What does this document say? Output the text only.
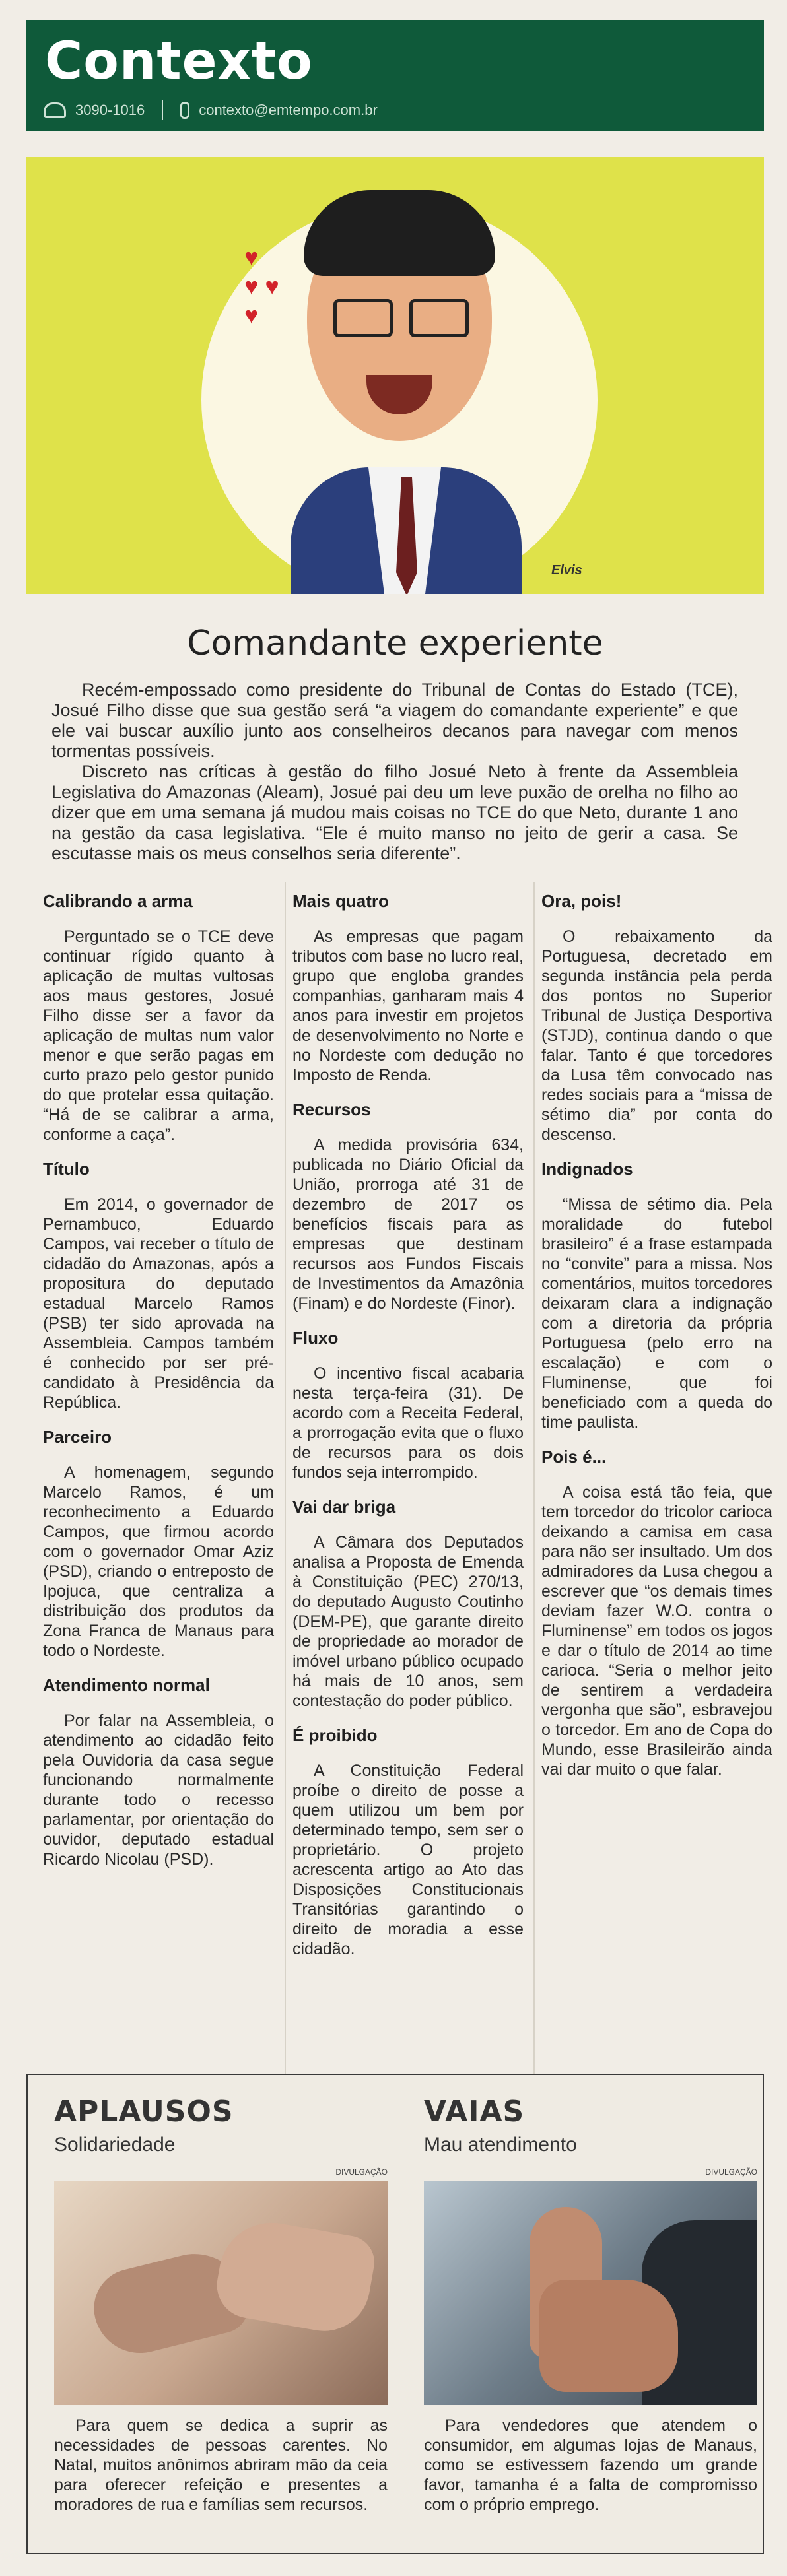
Contexto
3090-1016	contexto@emtempo.com.br
♥
♥ ♥
♥
Elvis
Comandante experiente

Recém-empossado como presidente do Tribunal de Contas do Estado (TCE), Josué Filho disse que sua gestão será “a viagem do comandante experiente” e que ele vai buscar auxílio junto aos conselheiros decanos para navegar com menos tormentas possíveis.

Discreto nas críticas à gestão do filho Josué Neto à frente da Assembleia Legislativa do Amazonas (Aleam), Josué pai deu um leve puxão de orelha no filho ao dizer que em uma semana já mudou mais coisas no TCE do que Neto, durante 1 ano na gestão da casa legislativa. “Ele é muito manso no jeito de gerir a casa. Se escutasse mais os meus conselhos seria diferente”.

Calibrando a arma

Perguntado se o TCE deve continuar rígido quanto à aplicação de multas vultosas aos maus gestores, Josué Filho disse ser a favor da aplicação de multas num valor menor e que serão pagas em curto prazo pelo gestor punido do que protelar essa quitação. “Há de se calibrar a arma, conforme a caça”.

Título

Em 2014, o governador de Pernambuco, Eduardo Campos, vai receber o título de cidadão do Amazonas, após a propositura do deputado estadual Marcelo Ramos (PSB) ter sido aprovada na Assembleia. Campos também é conhecido por ser pré-candidato à Presidência da República.

Parceiro

A homenagem, segundo Marcelo Ramos, é um reconhecimento a Eduardo Campos, que firmou acordo com o governador Omar Aziz (PSD), criando o entreposto de Ipojuca, que centraliza a distribuição dos produtos da Zona Franca de Manaus para todo o Nordeste.

Atendimento normal

Por falar na Assembleia, o atendimento ao cidadão feito pela Ouvidoria da casa segue funcionando normalmente durante todo o recesso parlamentar, por orientação do ouvidor, deputado estadual Ricardo Nicolau (PSD).

Mais quatro

As empresas que pagam tributos com base no lucro real, grupo que engloba grandes companhias, ganharam mais 4 anos para investir em projetos de desenvolvimento no Norte e no Nordeste com dedução no Imposto de Renda.

Recursos

A medida provisória 634, publicada no Diário Oficial da União, prorroga até 31 de dezembro de 2017 os benefícios fiscais para as empresas que destinam recursos aos Fundos Fiscais de Investimentos da Amazônia (Finam) e do Nordeste (Finor).

Fluxo

O incentivo fiscal acabaria nesta terça-feira (31). De acordo com a Receita Federal, a prorrogação evita que o fluxo de recursos para os dois fundos seja interrompido.

Vai dar briga

A Câmara dos Deputados analisa a Proposta de Emenda à Constituição (PEC) 270/13, do deputado Augusto Coutinho (DEM-PE), que garante direito de propriedade ao morador de imóvel urbano público ocupado há mais de 10 anos, sem contestação do poder público.

É proibido

A Constituição Federal proíbe o direito de posse a quem utilizou um bem por determinado tempo, sem ser o proprietário. O projeto acrescenta artigo ao Ato das Disposições Constitucionais Transitórias garantindo o direito de moradia a esse cidadão.

Ora, pois!

O rebaixamento da Portuguesa, decretado em segunda instância pela perda dos pontos no Superior Tribunal de Justiça Desportiva (STJD), continua dando o que falar. Tanto é que torcedores da Lusa têm convocado nas redes sociais para a “missa de sétimo dia” por conta do descenso.

Indignados

“Missa de sétimo dia. Pela moralidade do futebol brasileiro” é a frase estampada no “convite” para a missa. Nos comentários, muitos torcedores deixaram clara a indignação com a diretoria da própria Portuguesa (pelo erro na escalação) e com o Fluminense, que foi beneficiado com a queda do time paulista.

Pois é...

A coisa está tão feia, que tem torcedor do tricolor carioca deixando a camisa em casa para não ser insultado. Um dos admiradores da Lusa chegou a escrever que “os demais times deviam fazer W.O. contra o Fluminense” em todos os jogos e dar o título de 2014 ao time carioca. “Seria o melhor jeito de sentirem a verdadeira vergonha que são”, esbravejou o torcedor. Em ano de Copa do Mundo, esse Brasileirão ainda vai dar muito o que falar.

APLAUSOS
Solidariedade
DIVULGAÇÃO

Para quem se dedica a suprir as necessidades de pessoas carentes. No Natal, muitos anônimos abriram mão da ceia para oferecer refeição e presentes a moradores de rua e famílias sem recursos.

VAIAS
Mau atendimento
DIVULGAÇÃO

Para vendedores que atendem o consumidor, em algumas lojas de Manaus, como se estivessem fazendo um grande favor, tamanha é a falta de compromisso com o próprio emprego.
